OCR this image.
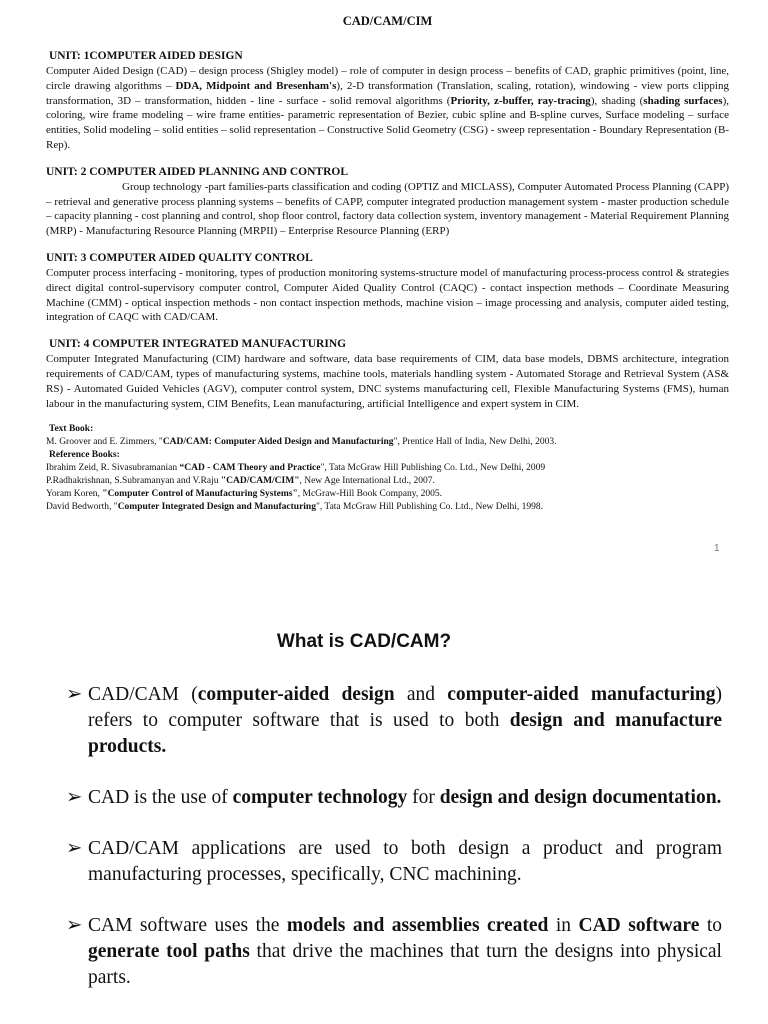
CAD/CAM/CIM
UNIT: 1COMPUTER AIDED DESIGN

Computer Aided Design (CAD) – design process (Shigley model) – role of computer in design process – benefits of CAD, graphic primitives (point, line, circle drawing algorithms – DDA, Midpoint and Bresenham's), 2-D transformation (Translation, scaling, rotation), windowing - view ports clipping transformation, 3D – transformation, hidden - line - surface - solid removal algorithms (Priority, z-buffer, ray-tracing), shading (shading surfaces), coloring, wire frame modeling – wire frame entities- parametric representation of Bezier, cubic spline and B-spline curves, Surface modeling – surface entities, Solid modeling – solid entities – solid representation – Constructive Solid Geometry (CSG) - sweep representation - Boundary Representation (B-Rep).

UNIT: 2 COMPUTER AIDED PLANNING AND CONTROL

Group technology -part families-parts classification and coding (OPTIZ and MICLASS), Computer Automated Process Planning (CAPP) – retrieval and generative process planning systems – benefits of CAPP, computer integrated production management system - master production schedule – capacity planning - cost planning and control, shop floor control, factory data collection system, inventory management - Material Requirement Planning (MRP) - Manufacturing Resource Planning (MRPII) – Enterprise Resource Planning (ERP)

UNIT: 3 COMPUTER AIDED QUALITY CONTROL

Computer process interfacing - monitoring, types of production monitoring systems-structure model of manufacturing process-process control & strategies direct digital control-supervisory computer control, Computer Aided Quality Control (CAQC) - contact inspection methods – Coordinate Measuring Machine (CMM) - optical inspection methods - non contact inspection methods, machine vision – image processing and analysis, computer aided testing, integration of CAQC with CAD/CAM.

UNIT: 4 COMPUTER INTEGRATED MANUFACTURING

Computer Integrated Manufacturing (CIM) hardware and software, data base requirements of CIM, data base models, DBMS architecture, integration requirements of CAD/CAM, types of manufacturing systems, machine tools, materials handling system - Automated Storage and Retrieval System (AS& RS) - Automated Guided Vehicles (AGV), computer control system, DNC systems manufacturing cell, Flexible Manufacturing Systems (FMS), human labour in the manufacturing system, CIM Benefits, Lean manufacturing, artificial Intelligence and expert system in CIM.

Text Book:
M. Groover and E. Zimmers, "CAD/CAM: Computer Aided Design and Manufacturing", Prentice Hall of India, New Delhi, 2003.
Reference Books:
Ibrahim Zeid, R. Sivasubramanian “CAD - CAM Theory and Practice", Tata McGraw Hill Publishing Co. Ltd., New Delhi, 2009
P.Radhakrishnan, S.Subramanyan and V.Raju "CAD/CAM/CIM", New Age International Ltd., 2007.
Yoram Koren, "Computer Control of Manufacturing Systems", McGraw-Hill Book Company, 2005.
David Bedworth, "Computer Integrated Design and Manufacturing", Tata McGraw Hill Publishing Co. Ltd., New Delhi, 1998.
1
What is CAD/CAM?
➢ CAD/CAM (computer-aided design and computer-aided manufacturing) refers to computer software that is used to both design and manufacture products.
➢ CAD is the use of computer technology for design and design documentation.
➢ CAD/CAM applications are used to both design a product and program manufacturing processes, specifically, CNC machining.
➢ CAM software uses the models and assemblies created in CAD software to generate tool paths that drive the machines that turn the designs into physical parts.
